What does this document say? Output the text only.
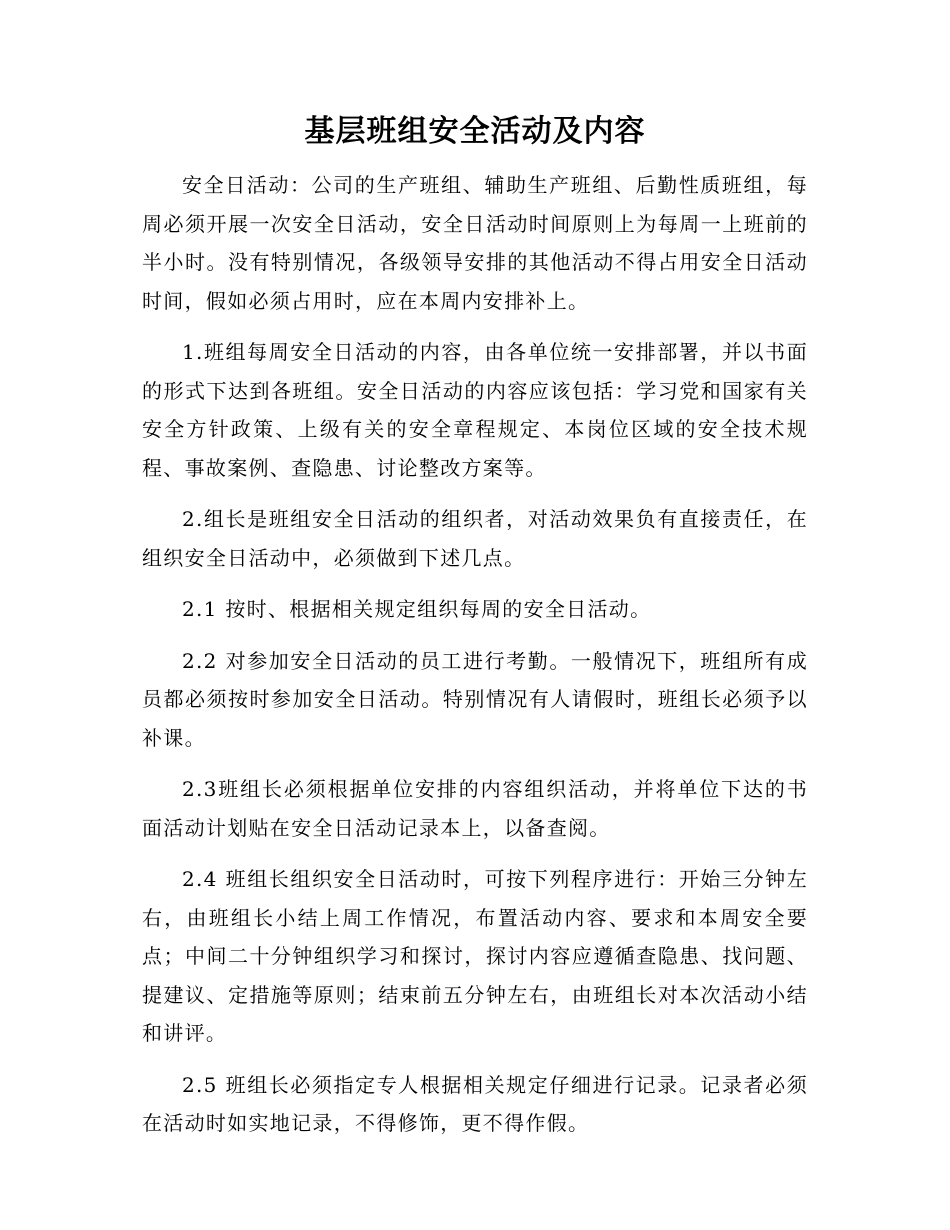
基层班组安全活动及内容

安全日活动：公司的生产班组、辅助生产班组、后勤性质班组，每周必须开展一次安全日活动，安全日活动时间原则上为每周一上班前的半小时。没有特别情况，各级领导安排的其他活动不得占用安全日活动时间，假如必须占用时，应在本周内安排补上。

1.班组每周安全日活动的内容，由各单位统一安排部署，并以书面的形式下达到各班组。安全日活动的内容应该包括：学习党和国家有关安全方针政策、上级有关的安全章程规定、本岗位区域的安全技术规程、事故案例、查隐患、讨论整改方案等。

2.组长是班组安全日活动的组织者，对活动效果负有直接责任，在组织安全日活动中，必须做到下述几点。

2.1 按时、根据相关规定组织每周的安全日活动。

2.2 对参加安全日活动的员工进行考勤。一般情况下，班组所有成员都必须按时参加安全日活动。特别情况有人请假时，班组长必须予以补课。

2.3班组长必须根据单位安排的内容组织活动，并将单位下达的书面活动计划贴在安全日活动记录本上，以备查阅。

2.4 班组长组织安全日活动时，可按下列程序进行：开始三分钟左右，由班组长小结上周工作情况，布置活动内容、要求和本周安全要点；中间二十分钟组织学习和探讨，探讨内容应遵循查隐患、找问题、提建议、定措施等原则；结束前五分钟左右，由班组长对本次活动小结和讲评。

2.5 班组长必须指定专人根据相关规定仔细进行记录。记录者必须在活动时如实地记录，不得修饰，更不得作假。
